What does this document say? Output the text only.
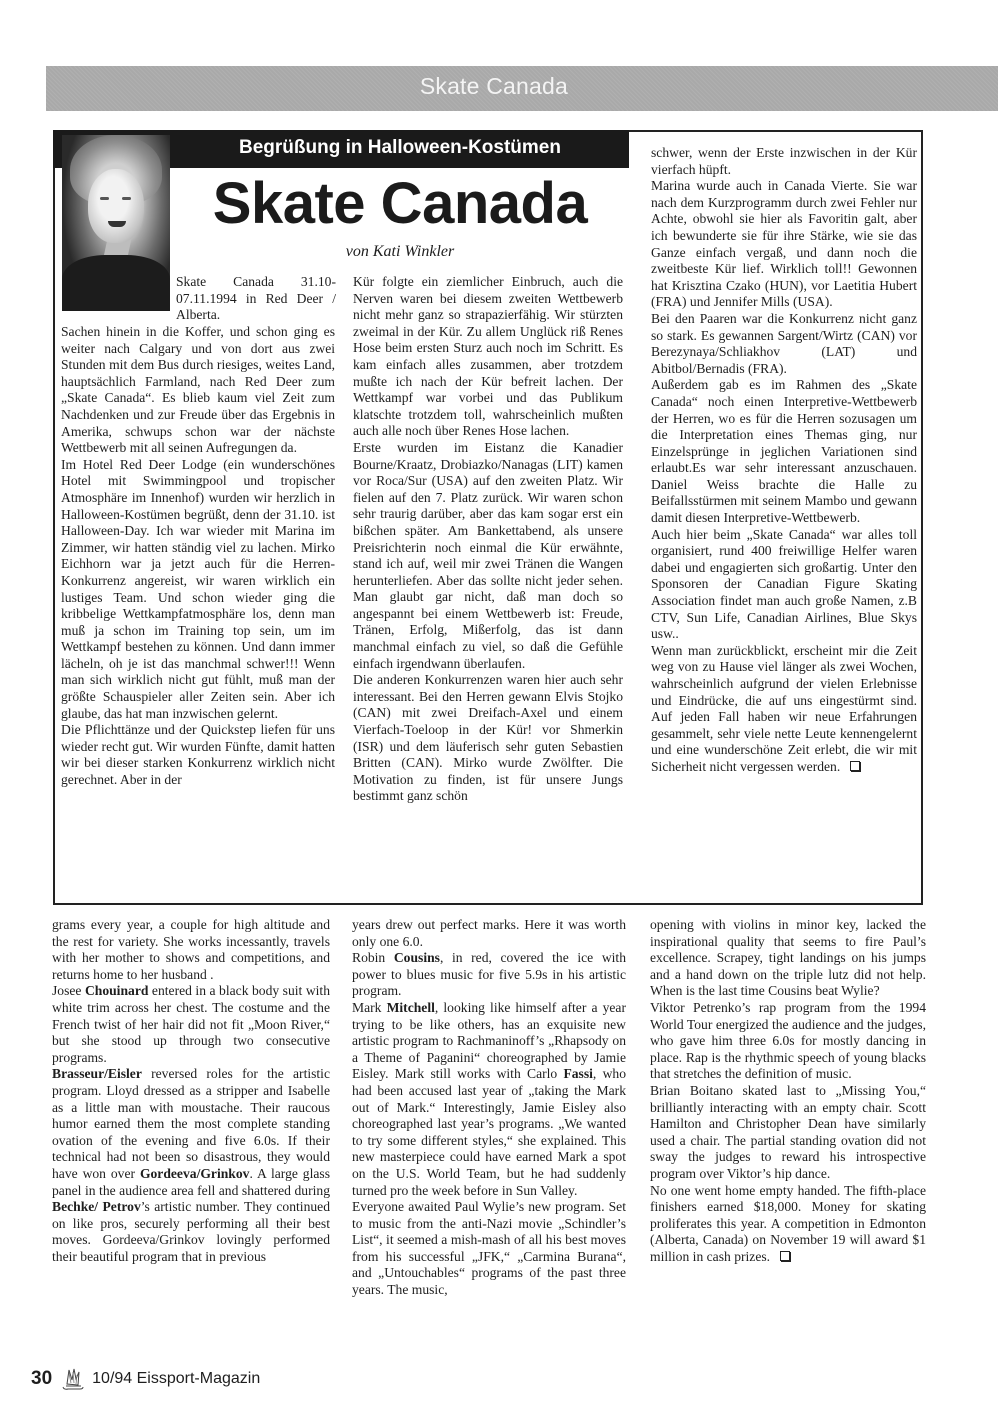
Skate Canada
Begrüßung in Halloween-Kostümen
Skate Canada
von Kati Winkler
Skate Canada 31.10-07.11.1994 in Red Deer / Alberta.

Sachen hinein in die Koffer, und schon ging es weiter nach Calgary und von dort aus zwei Stunden mit dem Bus durch riesiges, weites Land, hauptsächlich Farmland, nach Red Deer zum „Skate Canada“. Es blieb kaum viel Zeit zum Nachdenken und zur Freude über das Ergebnis in Amerika, schwups schon war der nächste Wettbewerb mit all seinen Aufregungen da.

Im Hotel Red Deer Lodge (ein wunderschönes Hotel mit Swimmingpool und tropischer Atmosphäre im Innenhof) wurden wir herzlich in Halloween-Kostümen begrüßt, denn der 31.10. ist Halloween-Day. Ich war wieder mit Marina im Zimmer, wir hatten ständig viel zu lachen. Mirko Eichhorn war ja jetzt auch für die Herren-Konkurrenz angereist, wir waren wirklich ein lustiges Team. Und schon wieder ging die kribbelige Wettkampfatmosphäre los, denn man muß ja schon im Training top sein, um im Wettkampf bestehen zu können. Und dann immer lächeln, oh je ist das manchmal schwer!!! Wenn man sich wirklich nicht gut fühlt, muß man der größte Schauspieler aller Zeiten sein. Aber ich glaube, das hat man inzwischen gelernt.

Die Pflichttänze und der Quickstep liefen für uns wieder recht gut. Wir wurden Fünfte, damit hatten wir bei dieser starken Konkurrenz wirklich nicht gerechnet. Aber in der

Kür folgte ein ziemlicher Einbruch, auch die Nerven waren bei diesem zweiten Wettbewerb nicht mehr ganz so strapazierfähig. Wir stürzten zweimal in der Kür. Zu allem Unglück riß Renes Hose beim ersten Sturz auch noch im Schritt. Es kam einfach alles zusammen, aber trotzdem mußte ich nach der Kür befreit lachen. Der Wettkampf war vorbei und das Publikum klatschte trotzdem toll, wahrscheinlich mußten auch alle noch über Renes Hose lachen.

Erste wurden im Eistanz die Kanadier Bourne/Kraatz, Drobiazko/Nanagas (LIT) kamen vor Roca/Sur (USA) auf den zweiten Platz. Wir fielen auf den 7. Platz zurück. Wir waren schon sehr traurig darüber, aber das kam sogar erst ein bißchen später. Am Bankettabend, als unsere Preisrichterin noch einmal die Kür erwähnte, stand ich auf, weil mir zwei Tränen die Wangen herunterliefen. Aber das sollte nicht jeder sehen. Man glaubt gar nicht, daß man doch so angespannt bei einem Wettbewerb ist: Freude, Tränen, Erfolg, Mißerfolg, das ist dann manchmal einfach zu viel, so daß die Gefühle einfach irgendwann überlaufen.

Die anderen Konkurrenzen waren hier auch sehr interessant. Bei den Herren gewann Elvis Stojko (CAN) mit zwei Dreifach-Axel und einem Vierfach-Toeloop in der Kür! vor Shmerkin (ISR) und dem läuferisch sehr guten Sebastien Britten (CAN). Mirko wurde Zwölfter. Die Motivation zu finden, ist für unsere Jungs bestimmt ganz schön

schwer, wenn der Erste inzwischen in der Kür vierfach hüpft.

Marina wurde auch in Canada Vierte. Sie war nach dem Kurzprogramm durch zwei Fehler nur Achte, obwohl sie hier als Favoritin galt, aber ich bewunderte sie für ihre Stärke, wie sie das Ganze einfach vergaß, und dann noch die zweitbeste Kür lief. Wirklich toll!! Gewonnen hat Krisztina Czako (HUN), vor Laetitia Hubert (FRA) und Jennifer Mills (USA).

Bei den Paaren war die Konkurrenz nicht ganz so stark. Es gewannen Sargent/Wirtz (CAN) vor Berezynaya/Schliakhov (LAT) und Abitbol/Bernadis (FRA).

Außerdem gab es im Rahmen des „Skate Canada“ noch einen Interpretive-Wettbewerb der Herren, wo es für die Herren sozusagen um die Interpretation eines Themas ging, nur Einzelsprünge in jeglichen Variationen sind erlaubt.Es war sehr interessant anzuschauen. Daniel Weiss brachte die Halle zu Beifallsstürmen mit seinem Mambo und gewann damit diesen Interpretive-Wettbewerb.

Auch hier beim „Skate Canada“ war alles toll organisiert, rund 400 freiwillige Helfer waren dabei und engagierten sich großartig. Unter den Sponsoren der Canadian Figure Skating Association findet man auch große Namen, z.B CTV, Sun Life, Canadian Airlines, Blue Skys usw..

Wenn man zurückblickt, erscheint mir die Zeit weg von zu Hause viel länger als zwei Wochen, wahrscheinlich aufgrund der vielen Erlebnisse und Eindrücke, die auf uns eingestürmt sind. Auf jeden Fall haben wir neue Erfahrungen gesammelt, sehr viele nette Leute kennengelernt und eine wunderschöne Zeit erlebt, die wir mit Sicherheit nicht vergessen werden.

grams every year, a couple for high altitude and the rest for variety. She works incessantly, travels with her mother to shows and competitions, and returns home to her husband .

Josee Chouinard entered in a black body suit with white trim across her chest. The costume and the French twist of her hair did not fit „Moon River,“ but she stood up through two consecutive programs.

Brasseur/Eisler reversed roles for the artistic program. Lloyd dressed as a stripper and Isabelle as a little man with moustache. Their raucous humor earned them the most complete standing ovation of the evening and five 6.0s. If their technical had not been so disastrous, they would have won over Gordeeva/Grinkov. A large glass panel in the audience area fell and shattered during Bechke/ Petrov’s artistic number. They continued on like pros, securely performing all their best moves. Gordeeva/Grinkov lovingly performed their beautiful program that in previous

years drew out perfect marks. Here it was worth only one 6.0.

Robin Cousins, in red, covered the ice with power to blues music for five 5.9s in his artistic program.

Mark Mitchell, looking like himself after a year trying to be like others, has an exquisite new artistic program to Rachmaninoff’s „Rhapsody on a Theme of Paganini“ choreographed by Jamie Eisley. Mark still works with Carlo Fassi, who had been accused last year of „taking the Mark out of Mark.“ Interestingly, Jamie Eisley also choreographed last year’s programs. „We wanted to try some different styles,“ she explained. This new masterpiece could have earned Mark a spot on the U.S. World Team, but he had suddenly turned pro the week before in Sun Valley.

Everyone awaited Paul Wylie’s new program. Set to music from the anti-Nazi movie „Schindler’s List“, it seemed a mish-mash of all his best moves from his successful „JFK,“ „Carmina Burana“, and „Untouchables“ programs of the past three years. The music,

opening with violins in minor key, lacked the inspirational quality that seems to fire Paul’s excellence. Scrapey, tight landings on his jumps and a hand down on the triple lutz did not help. When is the last time Cousins beat Wylie?

Viktor Petrenko’s rap program from the 1994 World Tour energized the audience and the judges, who gave him three 6.0s for mostly dancing in place. Rap is the rhythmic speech of young blacks that stretches the definition of music.

Brian Boitano skated last to „Missing You,“ brilliantly interacting with an empty chair. Scott Hamilton and Christopher Dean have similarly used a chair. The partial standing ovation did not sway the judges to reward his introspective program over Viktor’s hip dance.

No one went home empty handed. The fifth-place finishers earned $18,000. Money for skating proliferates this year. A competition in Edmonton (Alberta, Canada) on November 19 will award $1 million in cash prizes.

30	10/94 Eissport-Magazin
